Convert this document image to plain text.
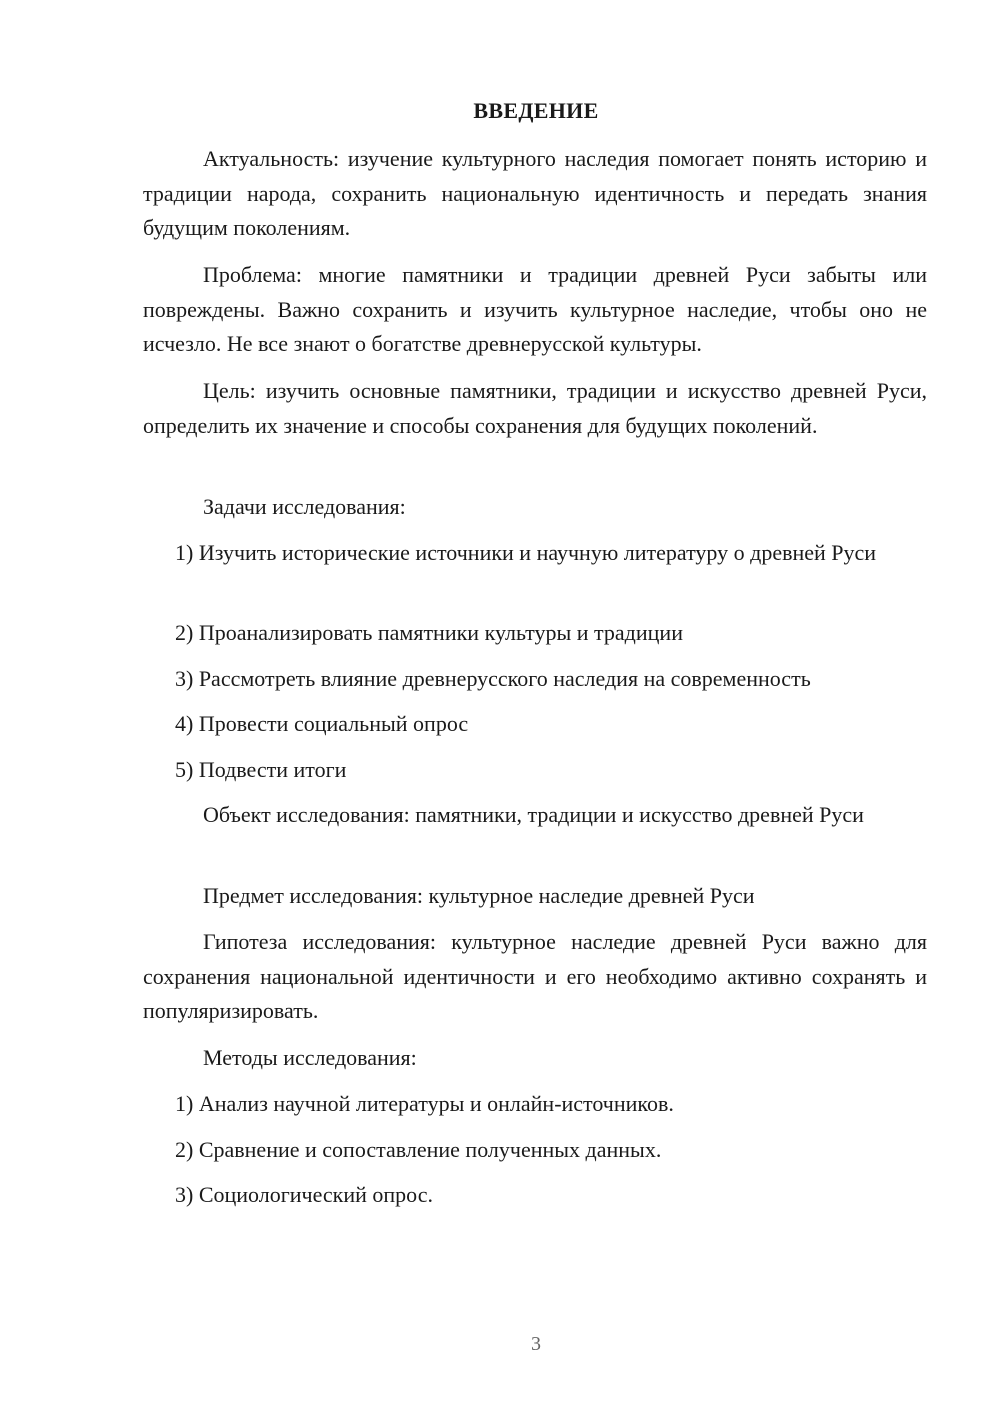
ВВЕДЕНИЕ

Актуальность: изучение культурного наследия помогает понять историю и традиции народа, сохранить национальную идентичность и передать знания будущим поколениям.

Проблема: многие памятники и традиции древней Руси забыты или повреждены. Важно сохранить и изучить культурное наследие, чтобы оно не исчезло. Не все знают о богатстве древнерусской культуры.

Цель: изучить основные памятники, традиции и искусство древней Руси, определить их значение и способы сохранения для будущих поколений.

Задачи исследования:

1) Изучить исторические источники и научную литературу о древней Руси

2) Проанализировать памятники культуры и традиции

3) Рассмотреть влияние древнерусского наследия на современность

4) Провести социальный опрос

5) Подвести итоги

Объект исследования: памятники, традиции и искусство древней Руси

Предмет исследования: культурное наследие древней Руси

Гипотеза исследования: культурное наследие древней Руси важно для сохранения национальной идентичности и его необходимо активно сохранять и популяризировать.

Методы исследования:

1) Анализ научной литературы и онлайн-источников.

2) Сравнение и сопоставление полученных данных.

3) Социологический опрос.

3
